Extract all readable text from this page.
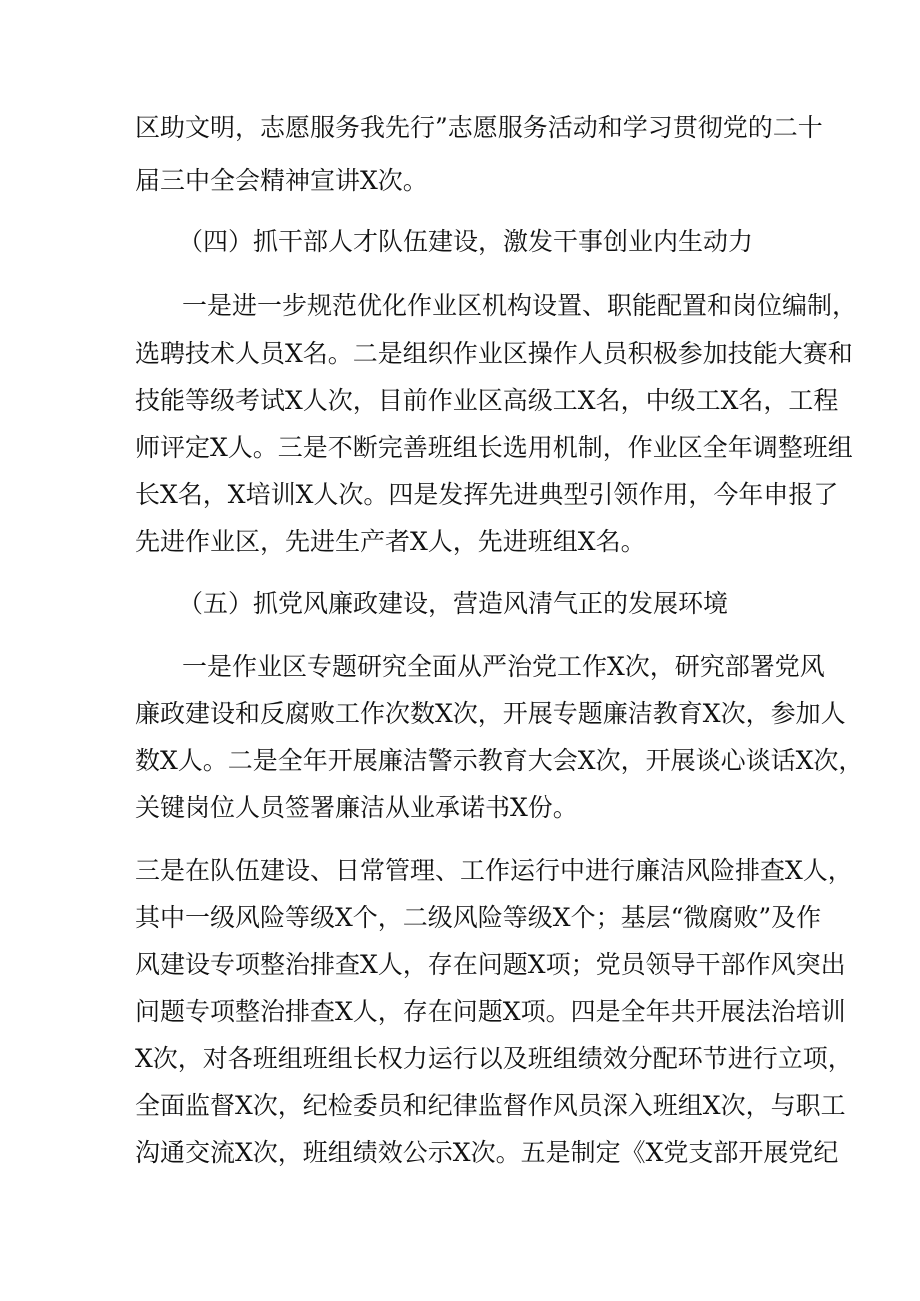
区助文明，志愿服务我先行”志愿服务活动和学习贯彻党的二十
届三中全会精神宣讲X次。
（四）抓干部人才队伍建设，激发干事创业内生动力
一是进一步规范优化作业区机构设置、职能配置和岗位编制，
选聘技术人员X名。二是组织作业区操作人员积极参加技能大赛和
技能等级考试X人次，目前作业区高级工X名，中级工X名，工程
师评定X人。三是不断完善班组长选用机制，作业区全年调整班组
长X名，X培训X人次。四是发挥先进典型引领作用，今年申报了
先进作业区，先进生产者X人，先进班组X名。
（五）抓党风廉政建设，营造风清气正的发展环境
一是作业区专题研究全面从严治党工作X次，研究部署党风
廉政建设和反腐败工作次数X次，开展专题廉洁教育X次，参加人
数X人。二是全年开展廉洁警示教育大会X次，开展谈心谈话X次，
关键岗位人员签署廉洁从业承诺书X份。
三是在队伍建设、日常管理、工作运行中进行廉洁风险排查X人，
其中一级风险等级X个，二级风险等级X个；基层“微腐败”及作
风建设专项整治排查X人，存在问题X项；党员领导干部作风突出
问题专项整治排查X人，存在问题X项。四是全年共开展法治培训
X次，对各班组班组长权力运行以及班组绩效分配环节进行立项，
全面监督X次，纪检委员和纪律监督作风员深入班组X次，与职工
沟通交流X次，班组绩效公示X次。五是制定《X党支部开展党纪
